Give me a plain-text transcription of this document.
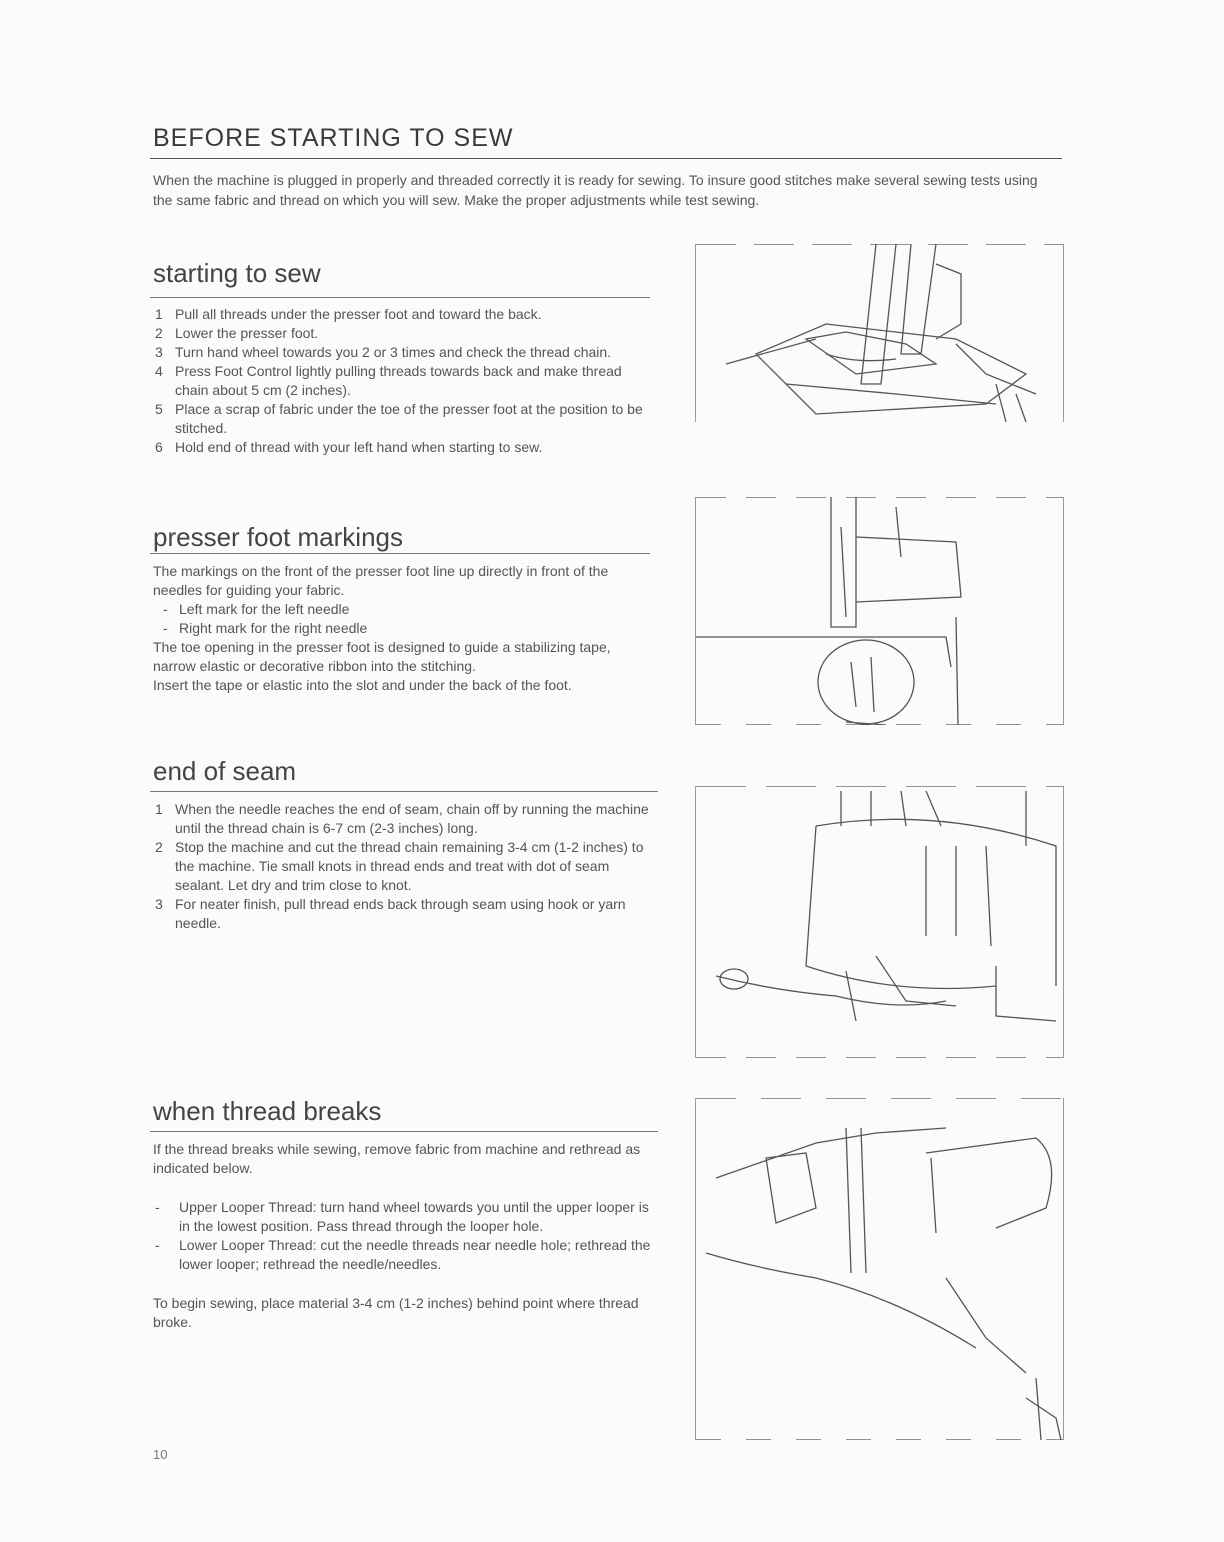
BEFORE STARTING TO SEW
When the machine is plugged in properly and threaded correctly it is ready for sewing. To insure good stitches make several sewing tests using the same fabric and thread on which you will sew. Make the proper adjustments while test sewing.
starting to sew
1 Pull all threads under the presser foot and toward the back.
2 Lower the presser foot.
3 Turn hand wheel towards you 2 or 3 times and check the thread chain.
4 Press Foot Control lightly pulling threads towards back and make thread chain about 5 cm (2 inches).
5 Place a scrap of fabric under the toe of the presser foot at the position to be stitched.
6 Hold end of thread with your left hand when starting to sew.
presser foot markings
The markings on the front of the presser foot line up directly in front of the needles for guiding your fabric.
- Left mark for the left needle
- Right mark for the right needle
The toe opening in the presser foot is designed to guide a stabilizing tape, narrow elastic or decorative ribbon into the stitching.
Insert the tape or elastic into the slot and under the back of the foot.
end of seam
1 When the needle reaches the end of seam, chain off by running the machine until the thread chain is 6-7 cm (2-3 inches) long.
2 Stop the machine and cut the thread chain remaining 3-4 cm (1-2 inches) to the machine. Tie small knots in thread ends and treat with dot of seam sealant. Let dry and trim close to knot.
3 For neater finish, pull thread ends back through seam using hook or yarn needle.
when thread breaks
If the thread breaks while sewing, remove fabric from machine and rethread as indicated below.
- Upper Looper Thread: turn hand wheel towards you until the upper looper is in the lowest position. Pass thread through the looper hole.
- Lower Looper Thread: cut the needle threads near needle hole; rethread the lower looper; rethread the needle/needles.
To begin sewing, place material 3-4 cm (1-2 inches) behind point where thread broke.
10
